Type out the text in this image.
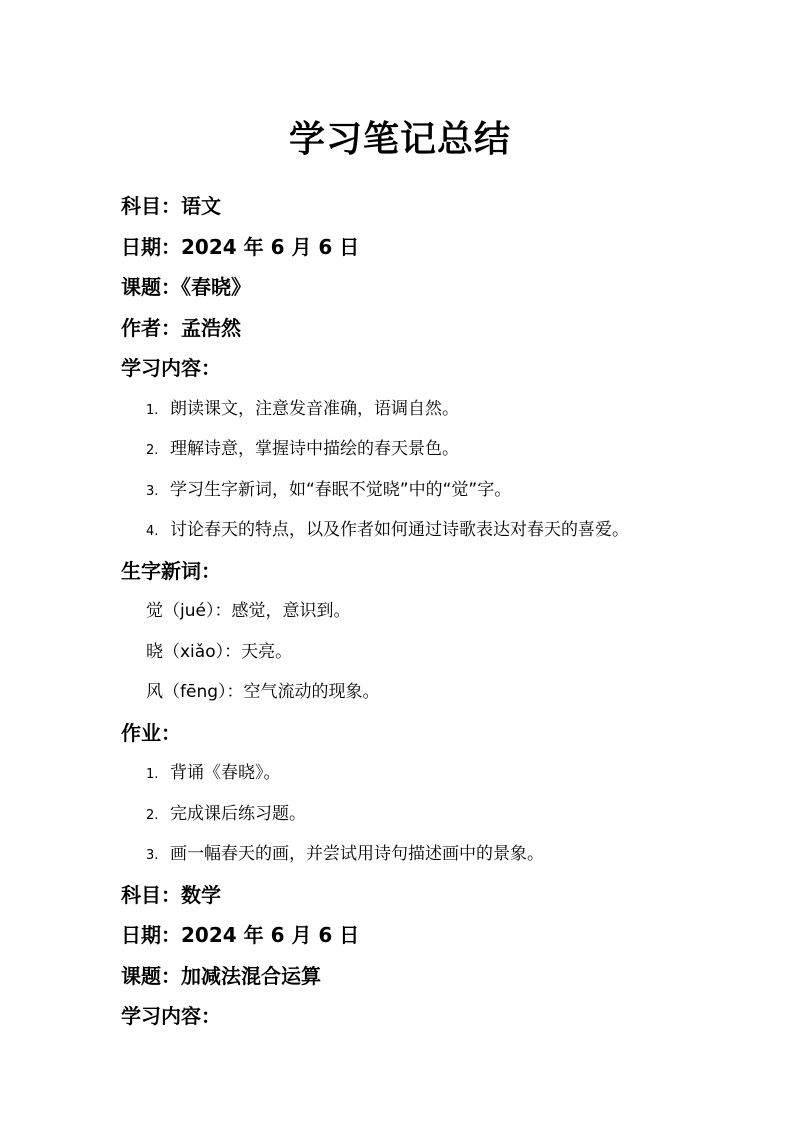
学习笔记总结
科目：语文
日期：2024 年 6 月 6 日
课题：《春晓》
作者：孟浩然
学习内容：
1. 朗读课文，注意发音准确，语调自然。
2. 理解诗意，掌握诗中描绘的春天景色。
3. 学习生字新词，如“春眠不觉晓”中的“觉”字。
4. 讨论春天的特点，以及作者如何通过诗歌表达对春天的喜爱。
生字新词：
觉（jué）：感觉，意识到。
晓（xiǎo）：天亮。
风（fēng）：空气流动的现象。
作业：
1. 背诵《春晓》。
2. 完成课后练习题。
3. 画一幅春天的画，并尝试用诗句描述画中的景象。
科目：数学
日期：2024 年 6 月 6 日
课题：加减法混合运算
学习内容：
